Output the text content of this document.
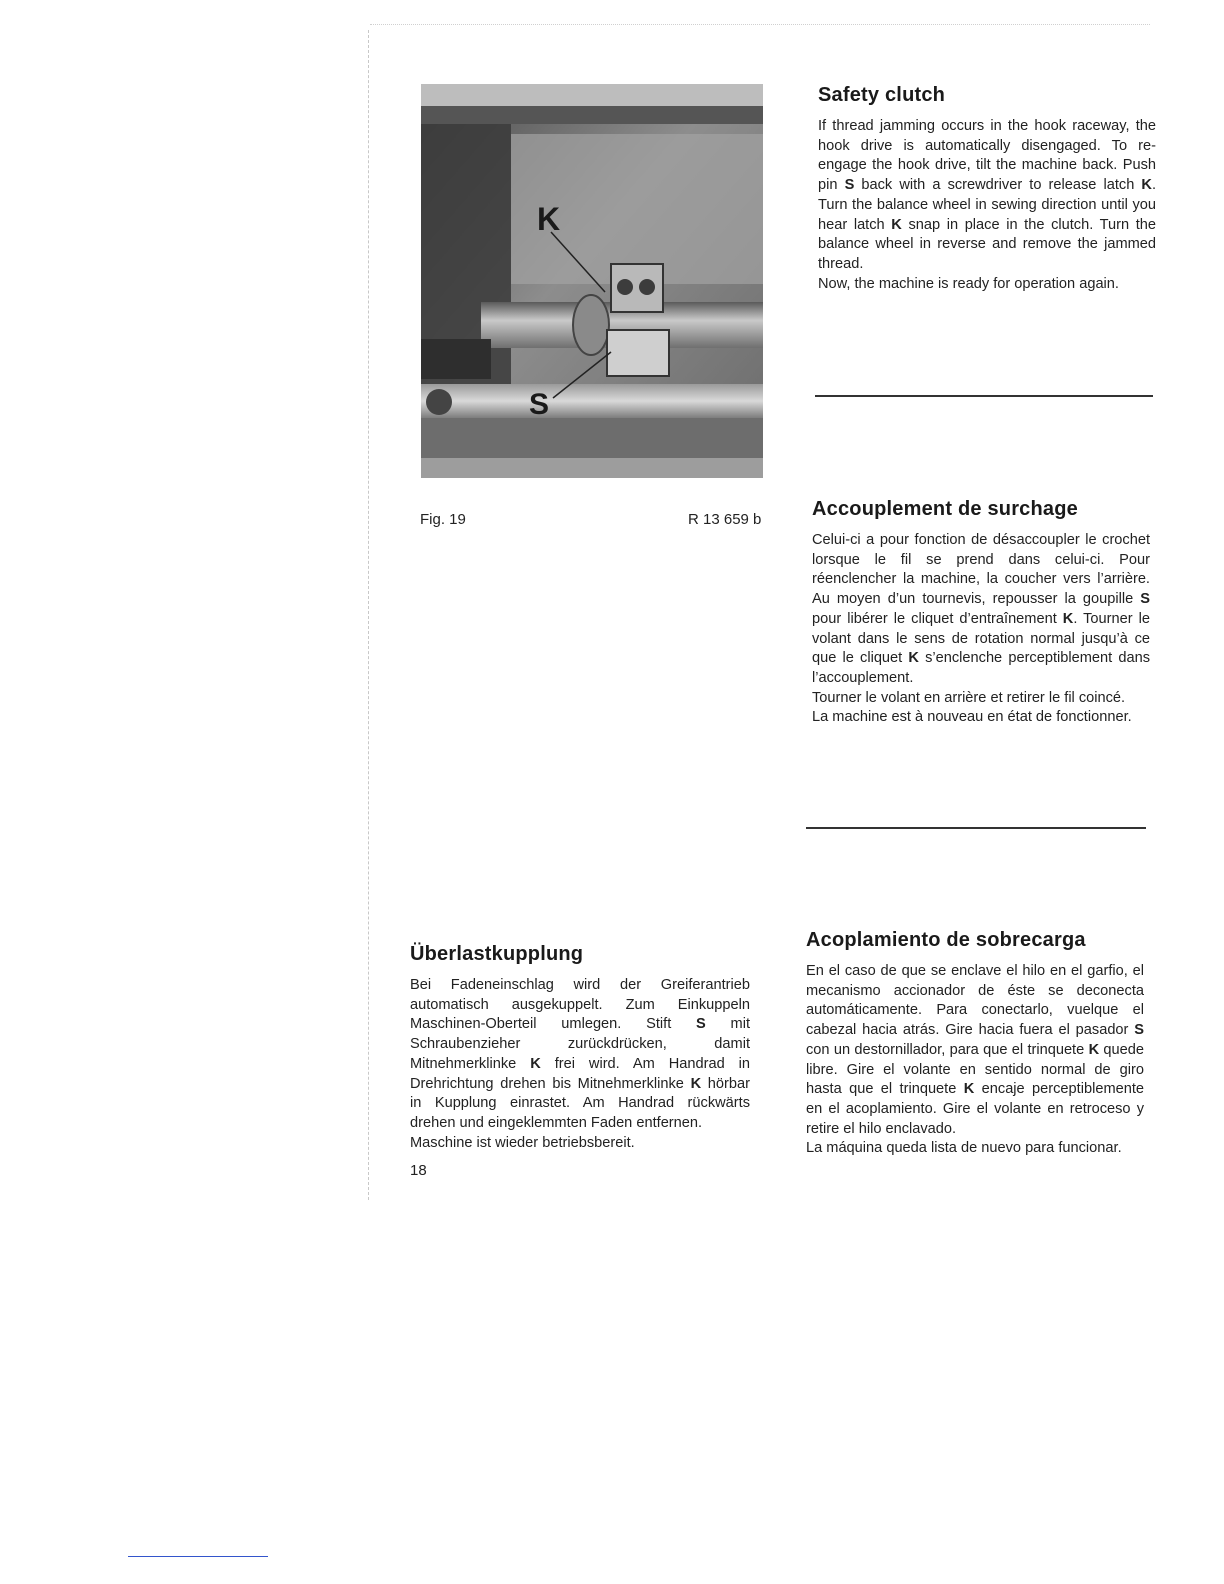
K
S
Fig. 19	R 13 659 b
Safety clutch

If thread jamming occurs in the hook raceway, the hook drive is automatically disengaged. To re-engage the hook drive, tilt the machine back. Push pin S back with a screwdriver to release latch K. Turn the balance wheel in sewing direction until you hear latch K snap in place in the clutch. Turn the balance wheel in reverse and remove the jammed thread.

Now, the machine is ready for operation again.

Accouplement de surchage

Celui-ci a pour fonction de désaccoupler le crochet lorsque le fil se prend dans celui-ci. Pour réenclencher la machine, la coucher vers l’arrière. Au moyen d’un tournevis, repousser la goupille S pour libérer le cliquet d’entraînement K. Tourner le volant dans le sens de rotation normal jusqu’à ce que le cliquet K s’enclenche perceptiblement dans l’accouplement.

Tourner le volant en arrière et retirer le fil coincé.

La machine est à nouveau en état de fonctionner.

Überlastkupplung

Bei Fadeneinschlag wird der Greiferantrieb automatisch ausgekuppelt. Zum Einkuppeln Maschinen-Oberteil umlegen. Stift S mit Schraubenzieher zurückdrücken, damit Mitnehmerklinke K frei wird. Am Handrad in Drehrichtung drehen bis Mitnehmerklinke K hörbar in Kupplung einrastet. Am Handrad rückwärts drehen und eingeklemmten Faden entfernen.

Maschine ist wieder betriebsbereit.

Acoplamiento de sobrecarga

En el caso de que se enclave el hilo en el garfio, el mecanismo accionador de éste se deconecta automáticamente. Para conectarlo, vuelque el cabezal hacia atrás. Gire hacia fuera el pasador S con un destornillador, para que el trinquete K quede libre. Gire el volante en sentido normal de giro hasta que el trinquete K encaje perceptiblemente en el acoplamiento. Gire el volante en retroceso y retire el hilo enclavado.

La máquina queda lista de nuevo para funcionar.

18
